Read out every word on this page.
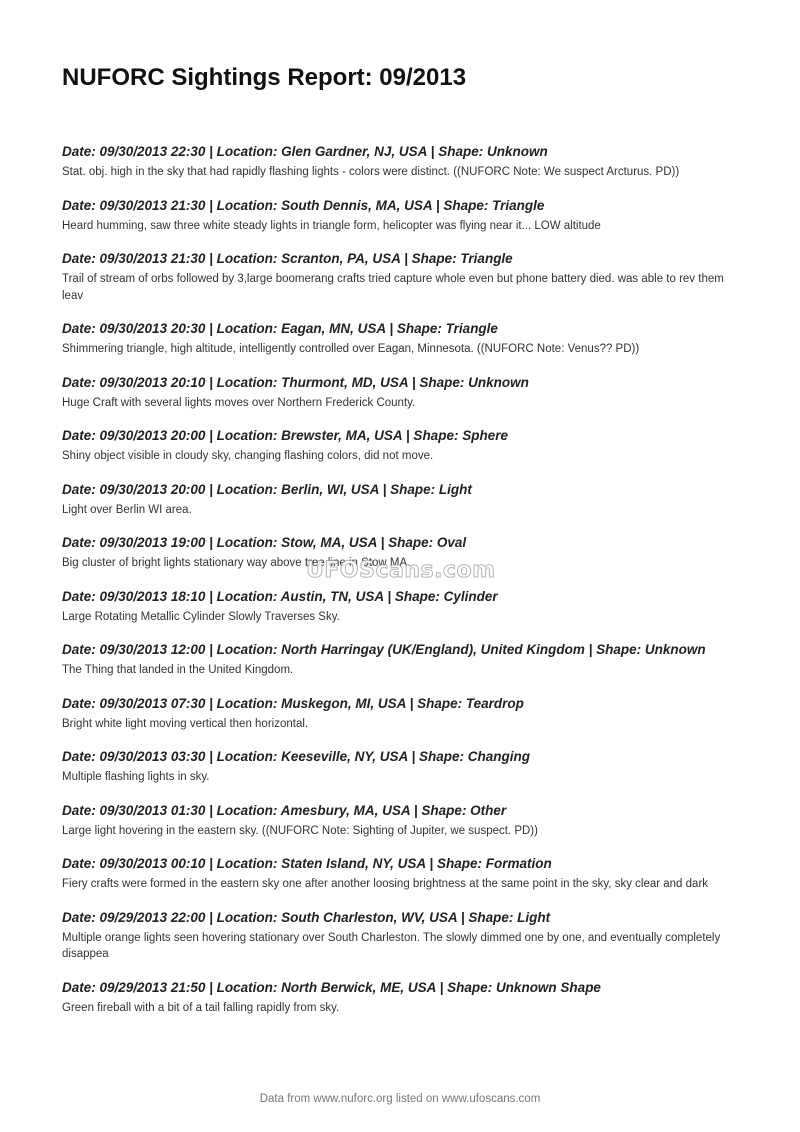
NUFORC Sightings Report: 09/2013
Date: 09/30/2013 22:30 | Location: Glen Gardner, NJ, USA | Shape: Unknown

Stat. obj. high in the sky that had rapidly flashing lights - colors were distinct. ((NUFORC Note: We suspect Arcturus. PD))

Date: 09/30/2013 21:30 | Location: South Dennis, MA, USA | Shape: Triangle

Heard humming, saw three white steady lights in triangle form, helicopter was flying near it... LOW altitude

Date: 09/30/2013 21:30 | Location: Scranton, PA, USA | Shape: Triangle

Trail of stream of orbs followed by 3,large boomerang crafts tried capture whole even but phone battery died. was able to rev them leav

Date: 09/30/2013 20:30 | Location: Eagan, MN, USA | Shape: Triangle

Shimmering triangle, high altitude, intelligently controlled over Eagan, Minnesota. ((NUFORC Note: Venus?? PD))

Date: 09/30/2013 20:10 | Location: Thurmont, MD, USA | Shape: Unknown

Huge Craft with several lights moves over Northern Frederick County.

Date: 09/30/2013 20:00 | Location: Brewster, MA, USA | Shape: Sphere

Shiny object visible in cloudy sky, changing flashing colors, did not move.

Date: 09/30/2013 20:00 | Location: Berlin, WI, USA | Shape: Light

Light over Berlin WI area.

Date: 09/30/2013 19:00 | Location: Stow, MA, USA | Shape: Oval

Big cluster of bright lights stationary way above tree line in Stow MA.

Date: 09/30/2013 18:10 | Location: Austin, TN, USA | Shape: Cylinder

Large Rotating Metallic Cylinder Slowly Traverses Sky.

Date: 09/30/2013 12:00 | Location: North Harringay (UK/England), United Kingdom | Shape: Unknown

The Thing that landed in the United Kingdom.

Date: 09/30/2013 07:30 | Location: Muskegon, MI, USA | Shape: Teardrop

Bright white light moving vertical then horizontal.

Date: 09/30/2013 03:30 | Location: Keeseville, NY, USA | Shape: Changing

Multiple flashing lights in sky.

Date: 09/30/2013 01:30 | Location: Amesbury, MA, USA | Shape: Other

Large light hovering in the eastern sky. ((NUFORC Note: Sighting of Jupiter, we suspect. PD))

Date: 09/30/2013 00:10 | Location: Staten Island, NY, USA | Shape: Formation

Fiery crafts were formed in the eastern sky one after another loosing brightness at the same point in the sky, sky clear and dark

Date: 09/29/2013 22:00 | Location: South Charleston, WV, USA | Shape: Light

Multiple orange lights seen hovering stationary over South Charleston. The slowly dimmed one by one, and eventually completely disappea

Date: 09/29/2013 21:50 | Location: North Berwick, ME, USA | Shape: Unknown Shape

Green fireball with a bit of a tail falling rapidly from sky.

UFOScans.com
Data from www.nuforc.org listed on www.ufoscans.com
